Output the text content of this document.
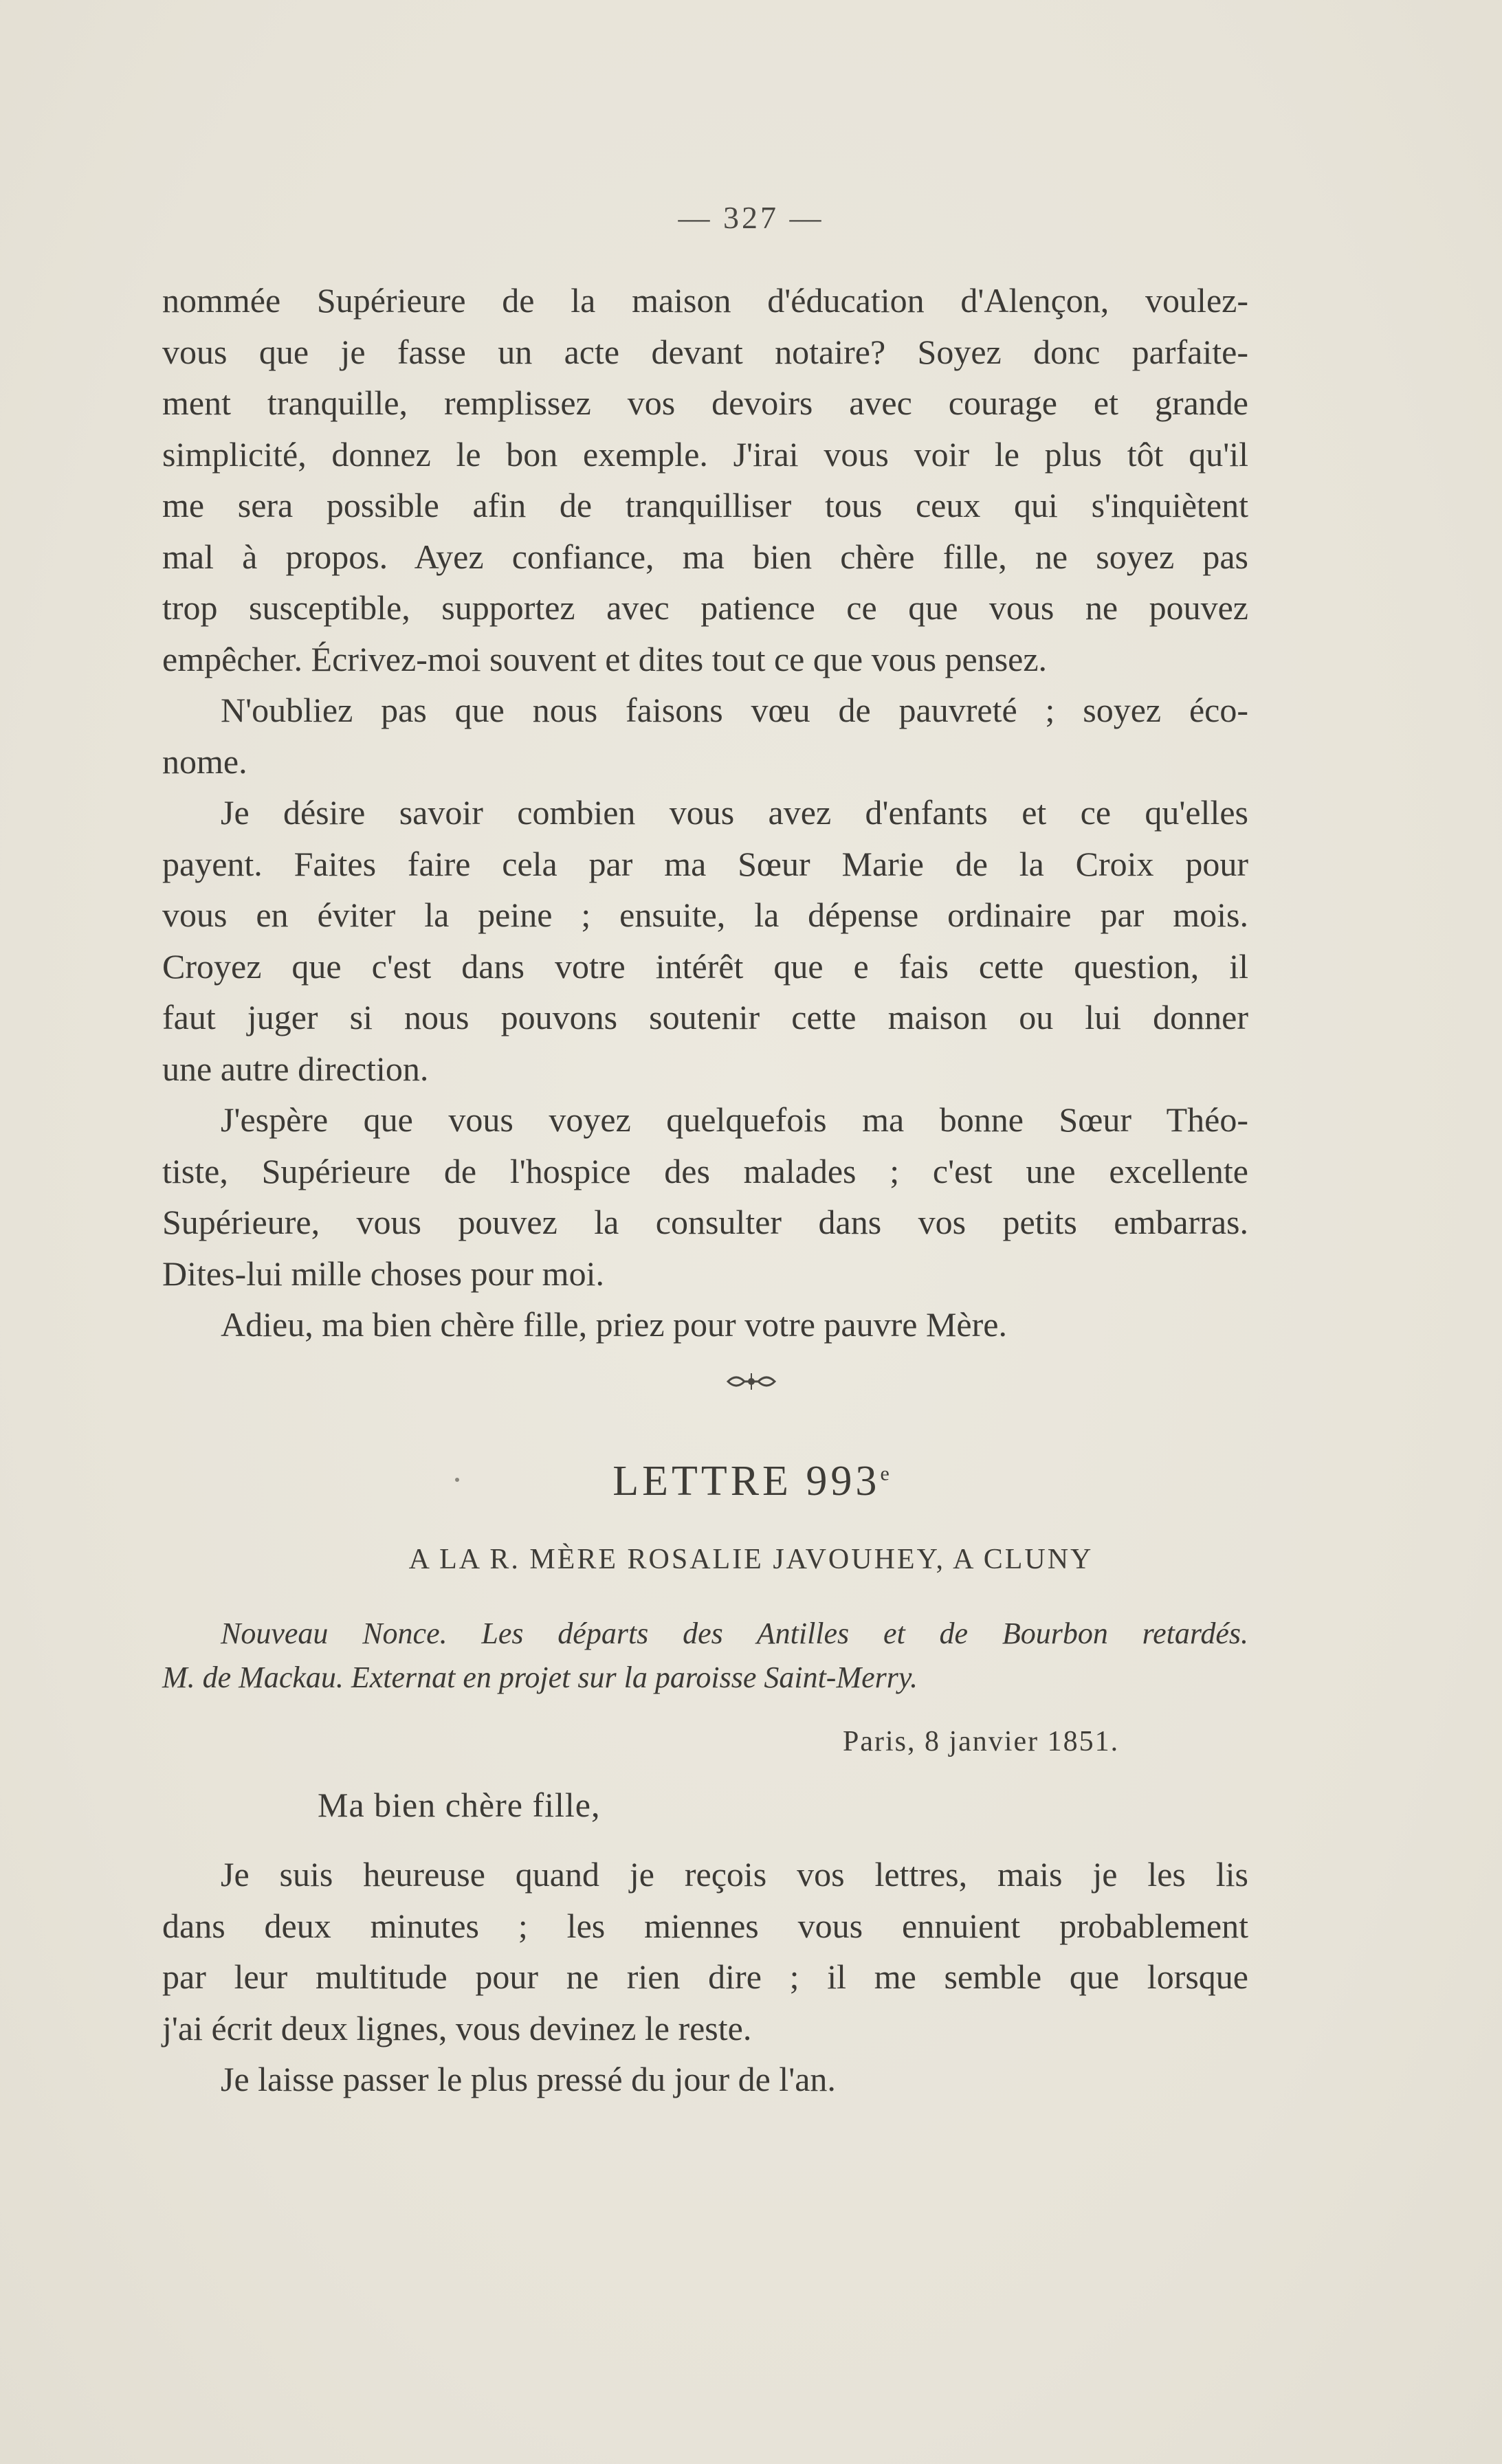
— 327 —
nommée Supérieure de la maison d'éducation d'Alençon, voulez-
vous que je fasse un acte devant notaire? Soyez donc parfaite-
ment tranquille, remplissez vos devoirs avec courage et grande
simplicité, donnez le bon exemple. J'irai vous voir le plus tôt qu'il
me sera possible afin de tranquilliser tous ceux qui s'inquiètent
mal à propos. Ayez confiance, ma bien chère fille, ne soyez pas
trop susceptible, supportez avec patience ce que vous ne pouvez
empêcher. Écrivez-moi souvent et dites tout ce que vous pensez.
N'oubliez pas que nous faisons vœu de pauvreté ; soyez éco-
nome.
Je désire savoir combien vous avez d'enfants et ce qu'elles
payent. Faites faire cela par ma Sœur Marie de la Croix pour
vous en éviter la peine ; ensuite, la dépense ordinaire par mois.
Croyez que c'est dans votre intérêt que e fais cette question, il
faut juger si nous pouvons soutenir cette maison ou lui donner
une autre direction.
J'espère que vous voyez quelquefois ma bonne Sœur Théo-
tiste, Supérieure de l'hospice des malades ; c'est une excellente
Supérieure, vous pouvez la consulter dans vos petits embarras.
Dites-lui mille choses pour moi.
Adieu, ma bien chère fille, priez pour votre pauvre Mère.
LETTRE 993e
A LA R. MÈRE ROSALIE JAVOUHEY, A CLUNY
Nouveau Nonce. Les départs des Antilles et de Bourbon retardés.
M. de Mackau. Externat en projet sur la paroisse Saint-Merry.
Paris, 8 janvier 1851.
Ma bien chère fille,
Je suis heureuse quand je reçois vos lettres, mais je les lis
dans deux minutes ; les miennes vous ennuient probablement
par leur multitude pour ne rien dire ; il me semble que lorsque
j'ai écrit deux lignes, vous devinez le reste.
Je laisse passer le plus pressé du jour de l'an.
